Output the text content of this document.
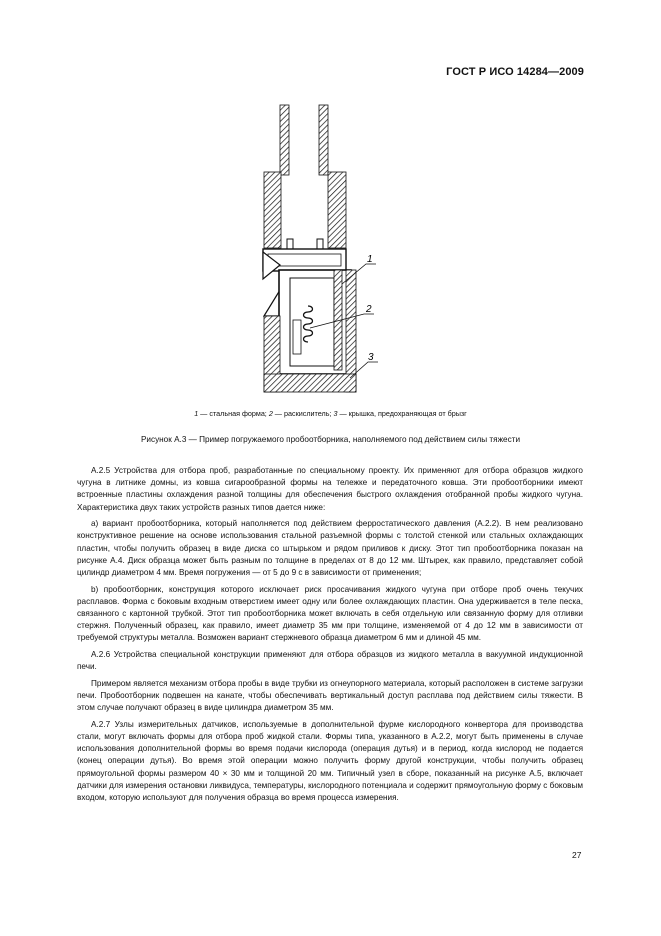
ГОСТ Р ИСО 14284—2009
1
2
3
1 — стальная форма; 2 — раскислитель; 3 — крышка, предохраняющая от брызг
Рисунок А.3 — Пример погружаемого пробоотборника, наполняемого под действием силы тяжести

А.2.5 Устройства для отбора проб, разработанные по специальному проекту. Их применяют для отбора образцов жидкого чугуна в литнике домны, из ковша сигарообразной формы на тележке и передаточного ковша. Эти пробоотборники имеют встроенные пластины охлаждения разной толщины для обеспечения быстрого охлаждения отобранной пробы жидкого чугуна. Характеристика двух таких устройств разных типов дается ниже:

а) вариант пробоотборника, который наполняется под действием ферростатического давления (А.2.2). В нем реализовано конструктивное решение на основе использования стальной разъемной формы с толстой стенкой или стальных охлаждающих пластин, чтобы получить образец в виде диска со штырьком и рядом приливов к диску. Этот тип пробоотборника показан на рисунке А.4. Диск образца может быть разным по толщине в пределах от 8 до 12 мм. Штырек, как правило, представляет собой цилиндр диаметром 4 мм. Время погружения — от 5 до 9 с в зависимости от применения;

b) пробоотборник, конструкция которого исключает риск просачивания жидкого чугуна при отборе проб очень текучих расплавов. Форма с боковым входным отверстием имеет одну или более охлаждающих пластин. Она удерживается в теле песка, связанного с картонной трубкой. Этот тип пробоотборника может включать в себя отдельную или связанную форму для отливки стержня. Полученный образец, как правило, имеет диаметр 35 мм при толщине, изменяемой от 4 до 12 мм в зависимости от требуемой структуры металла. Возможен вариант стержневого образца диаметром 6 мм и длиной 45 мм.

А.2.6 Устройства специальной конструкции применяют для отбора образцов из жидкого металла в вакуумной индукционной печи.

Примером является механизм отбора пробы в виде трубки из огнеупорного материала, который расположен в системе загрузки печи. Пробоотборник подвешен на канате, чтобы обеспечивать вертикальный доступ расплава под действием силы тяжести. В этом случае получают образец в виде цилиндра диаметром 35 мм.

А.2.7 Узлы измерительных датчиков, используемые в дополнительной фурме кислородного конвертора для производства стали, могут включать формы для отбора проб жидкой стали. Формы типа, указанного в А.2.2, могут быть применены в случае использования дополнительной формы во время подачи кислорода (операция дутья) и в период, когда кислород не подается (конец операции дутья). Во время этой операции можно получить форму другой конструкции, чтобы получить образец прямоугольной формы размером 40 × 30 мм и толщиной 20 мм. Типичный узел в сборе, показанный на рисунке А.5, включает датчики для измерения остановки ликвидуса, температуры, кислородного потенциала и содержит прямоугольную форму с боковым входом, которую используют для получения образца во время процесса измерения.

27
